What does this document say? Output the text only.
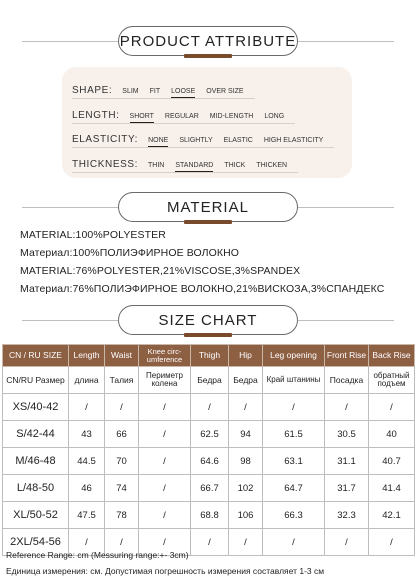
PRODUCT ATTRIBUTE
SHAPE: SLIM FIT LOOSE OVER SIZE
LENGTH: SHORT REGULAR MID-LENGTH LONG
ELASTICITY: NONE SLIGHTLY ELASTIC HIGH ELASTICITY
THICKNESS: THIN STANDARD THICK THICKEN
MATERIAL
MATERIAL:100%POLYESTER
Материал:100%ПОЛИЭФИРНОЕ ВОЛОКНО
MATERIAL:76%POLYESTER,21%VISCOSE,3%SPANDEX
Материал:76%ПОЛИЭФИРНОЕ ВОЛОКНО,21%ВИСКОЗА,3%СПАНДЕКС
SIZE CHART
CN / RU SIZE	Length	Waist	Knee circ-umference	Thigh	Hip	Leg opening	Front Rise	Back Rise
CN/RU Размер	длина	Талия	Периметр колена	Бедра	Бедра	Край штанины	Посадка	обратный подъем
XS/40-42	/	/	/	/	/	/	/	/
S/42-44	43	66	/	62.5	94	61.5	30.5	40
M/46-48	44.5	70	/	64.6	98	63.1	31.1	40.7
L/48-50	46	74	/	66.7	102	64.7	31.7	41.4
XL/50-52	47.5	78	/	68.8	106	66.3	32.3	42.1
2XL/54-56	/	/	/	/	/	/	/	/
Reference Range: cm (Messuring range:+- 3cm)
Единица измерения: см. Допустимая погрешность измерения составляет 1-3 см
